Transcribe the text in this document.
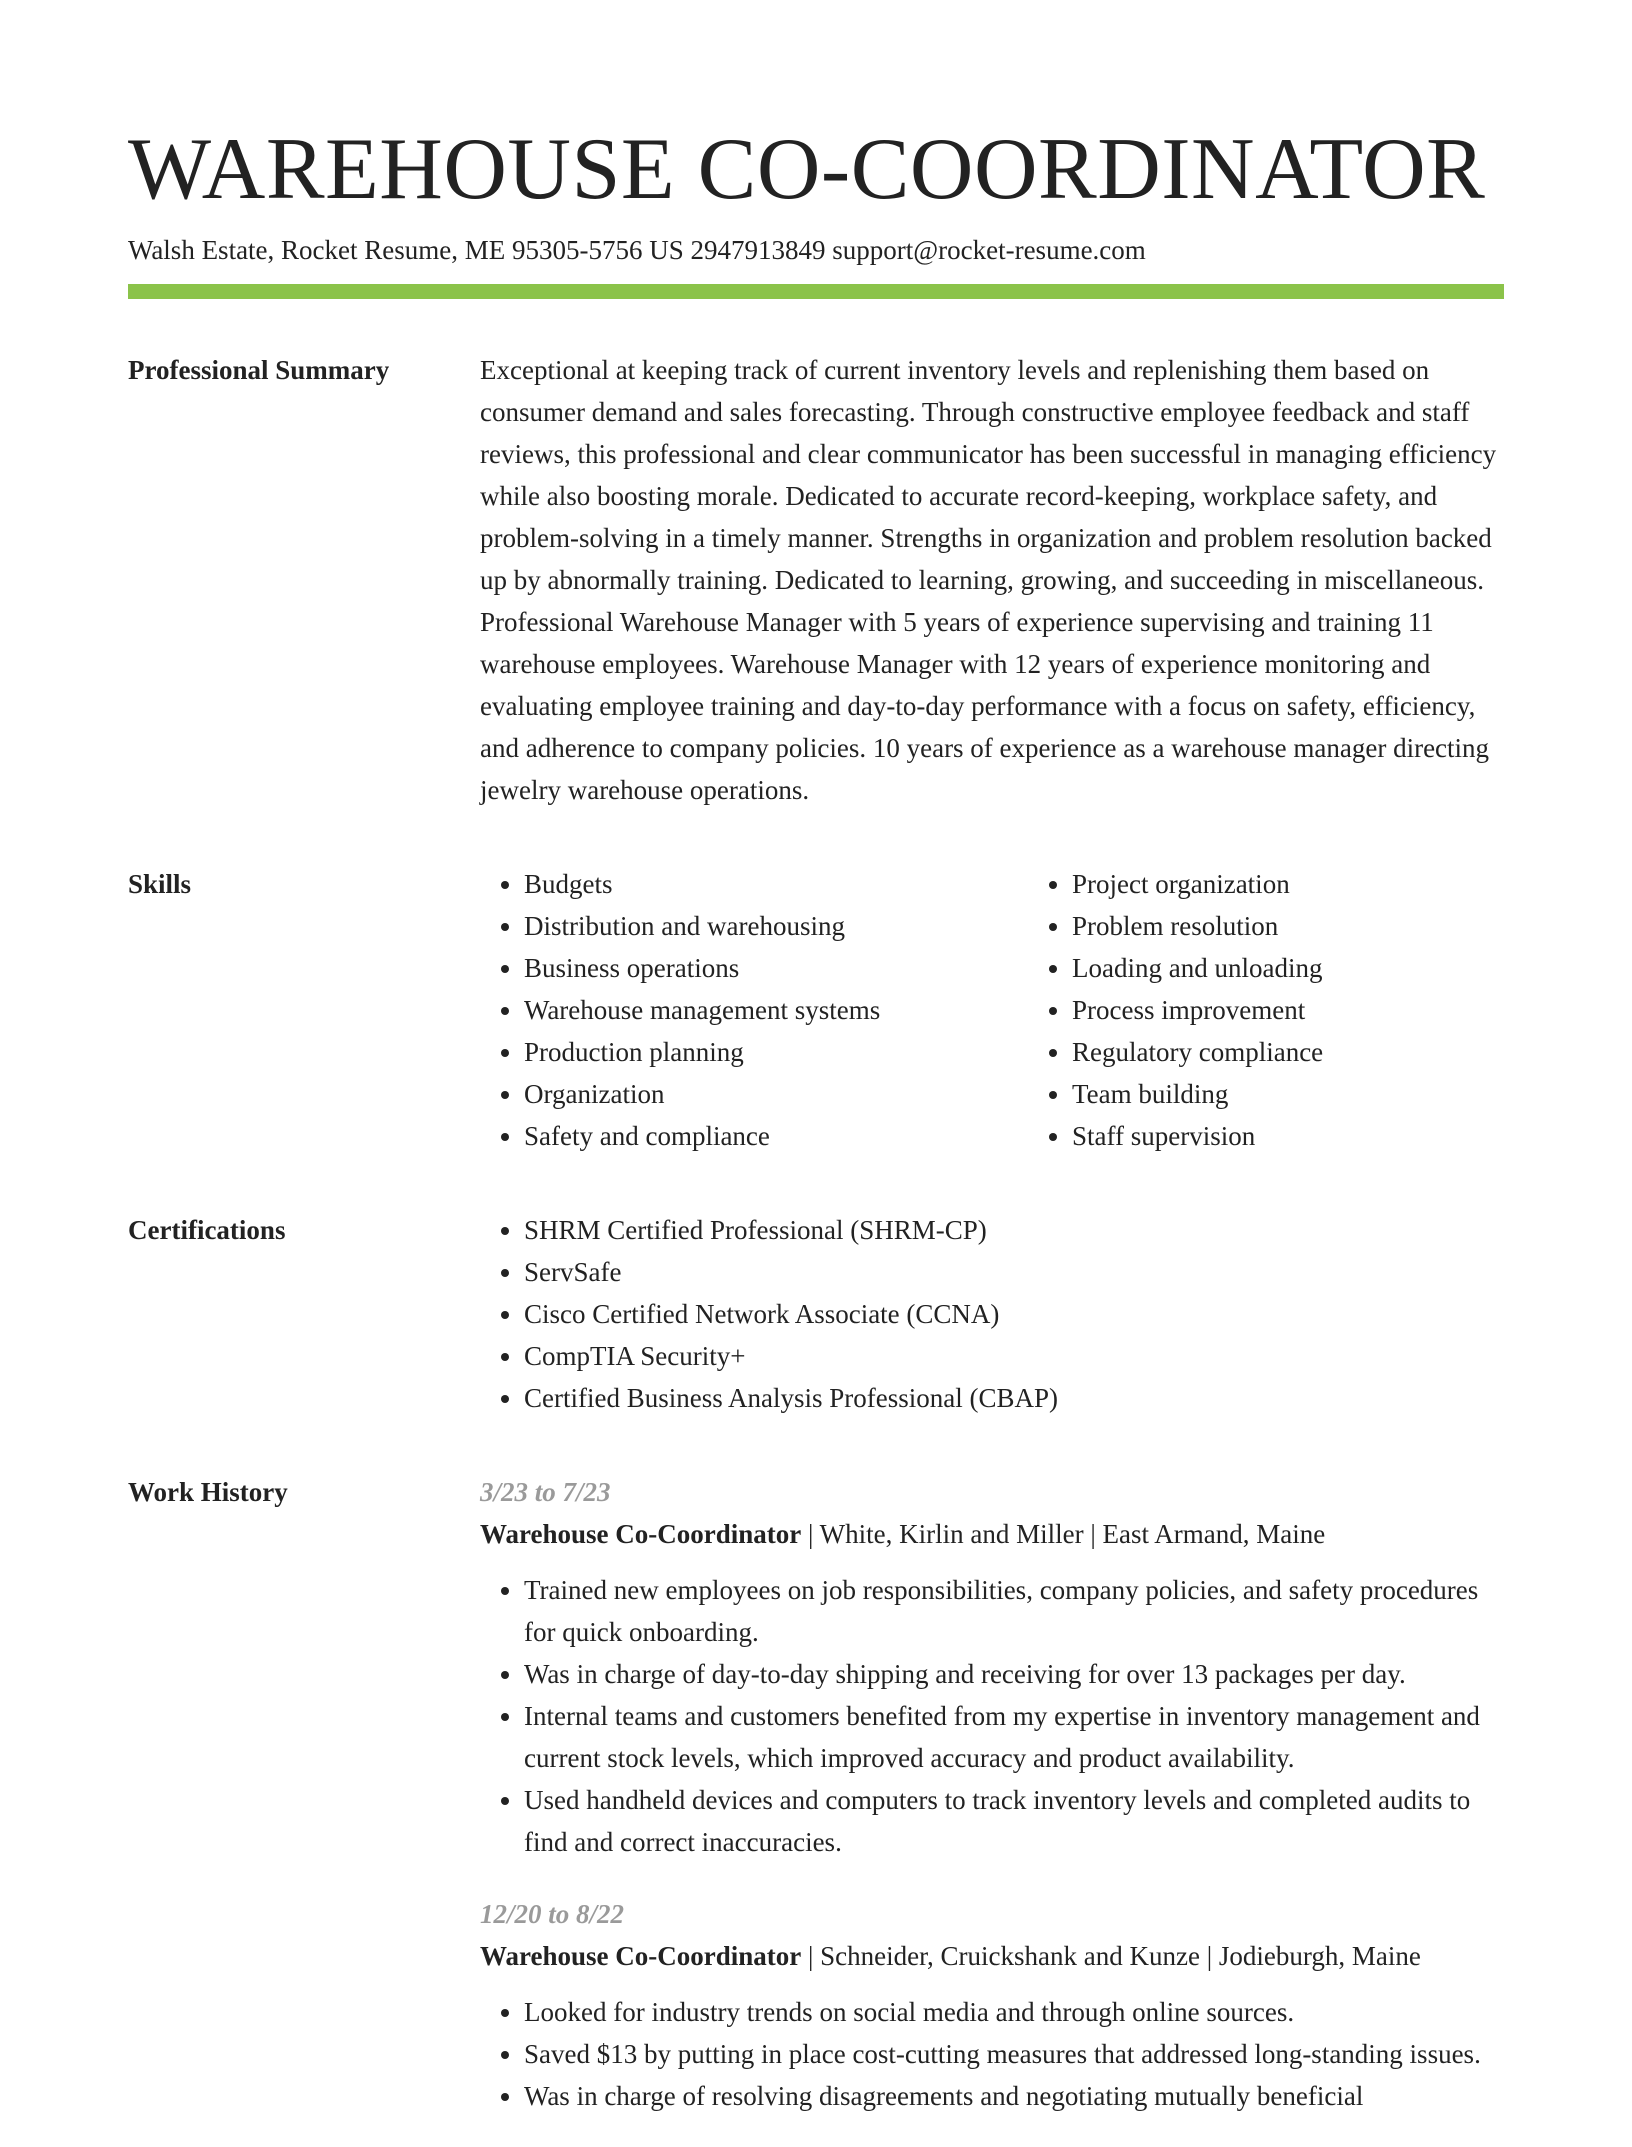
WAREHOUSE CO-COORDINATOR
Walsh Estate, Rocket Resume, ME 95305-5756 US 2947913849 support@rocket-resume.com
Professional Summary	Exceptional at keeping track of current inventory levels and replenishing them based on consumer demand and sales forecasting. Through constructive employee feedback and staff reviews, this professional and clear communicator has been successful in managing efficiency while also boosting morale. Dedicated to accurate record-keeping, workplace safety, and problem-solving in a timely manner. Strengths in organization and problem resolution backed up by abnormally training. Dedicated to learning, growing, and succeeding in miscellaneous. Professional Warehouse Manager with 5 years of experience supervising and training 11 warehouse employees. Warehouse Manager with 12 years of experience monitoring and evaluating employee training and day-to-day performance with a focus on safety, efficiency, and adherence to company policies. 10 years of experience as a warehouse manager directing jewelry warehouse operations.

Skills	• Budgets
• Distribution and warehousing
• Business operations
• Warehouse management systems
• Production planning
• Organization
• Safety and compliance
• Project organization
• Problem resolution
• Loading and unloading
• Process improvement
• Regulatory compliance
• Team building
• Staff supervision
Certifications	• SHRM Certified Professional (SHRM-CP)
• ServSafe
• Cisco Certified Network Associate (CCNA)
• CompTIA Security+
• Certified Business Analysis Professional (CBAP)
Work History	3/23 to 7/23
Warehouse Co-Coordinator | White, Kirlin and Miller | East Armand, Maine
• Trained new employees on job responsibilities, company policies, and safety procedures for quick onboarding.
• Was in charge of day-to-day shipping and receiving for over 13 packages per day.
• Internal teams and customers benefited from my expertise in inventory management and current stock levels, which improved accuracy and product availability.
• Used handheld devices and computers to track inventory levels and completed audits to find and correct inaccuracies.
12/20 to 8/22
Warehouse Co-Coordinator | Schneider, Cruickshank and Kunze | Jodieburgh, Maine
• Looked for industry trends on social media and through online sources.
• Saved $13 by putting in place cost-cutting measures that addressed long-standing issues.
• Was in charge of resolving disagreements and negotiating mutually beneficial
